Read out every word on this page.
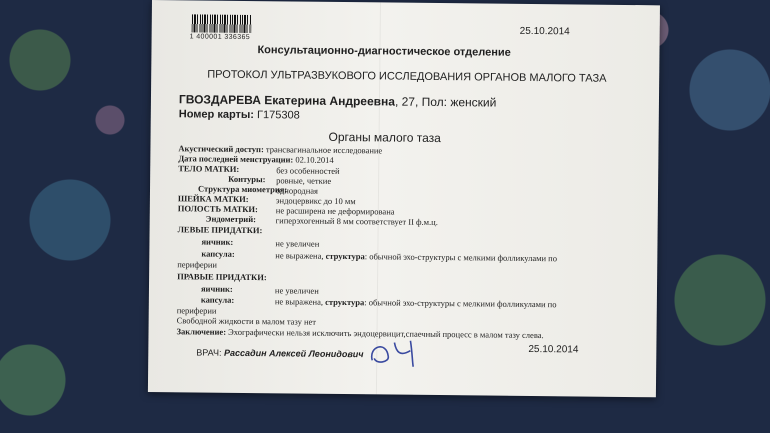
1 400001 336365	25.10.2014
Консультационно-диагностическое отделение
ПРОТОКОЛ УЛЬТРАЗВУКОВОГО ИССЛЕДОВАНИЯ ОРГАНОВ МАЛОГО ТАЗА
ГВОЗДАРЕВА Екатерина Андреевна, 27, Пол: женский
Номер карты: Г175308
Органы малого таза
Акустический доступ: трансвагинальное исследование
Дата последней менструации: 02.10.2014
ТЕЛО МАТКИ:	без особенностей
Контуры: ровные, четкие
Структура миометрия:
однородная
ШЕЙКА МАТКИ:	эндоцервикс до 10 мм
ПОЛОСТЬ МАТКИ: не расширена не деформирована
Эндометрий: гиперэхогенный 8 мм соответствует II ф.м.ц.
ЛЕВЫЕ ПРИДАТКИ:
яичник:	не увеличен
капсула:	не выражена, структура: обычной эхо-структуры с мелкими фолликулами по
периферии
ПРАВЫЕ ПРИДАТКИ:
яичник:	не увеличен
капсула:	не выражена, структура: обычной эхо-структуры с мелкими фолликулами по
периферии
Свободной жидкости в малом тазу нет
Заключение: Эхографически нельзя исключить эндоцервицит,спаечный процесс в малом тазу слева.
ВРАЧ: Рассадин Алексей Леонидович	25.10.2014
